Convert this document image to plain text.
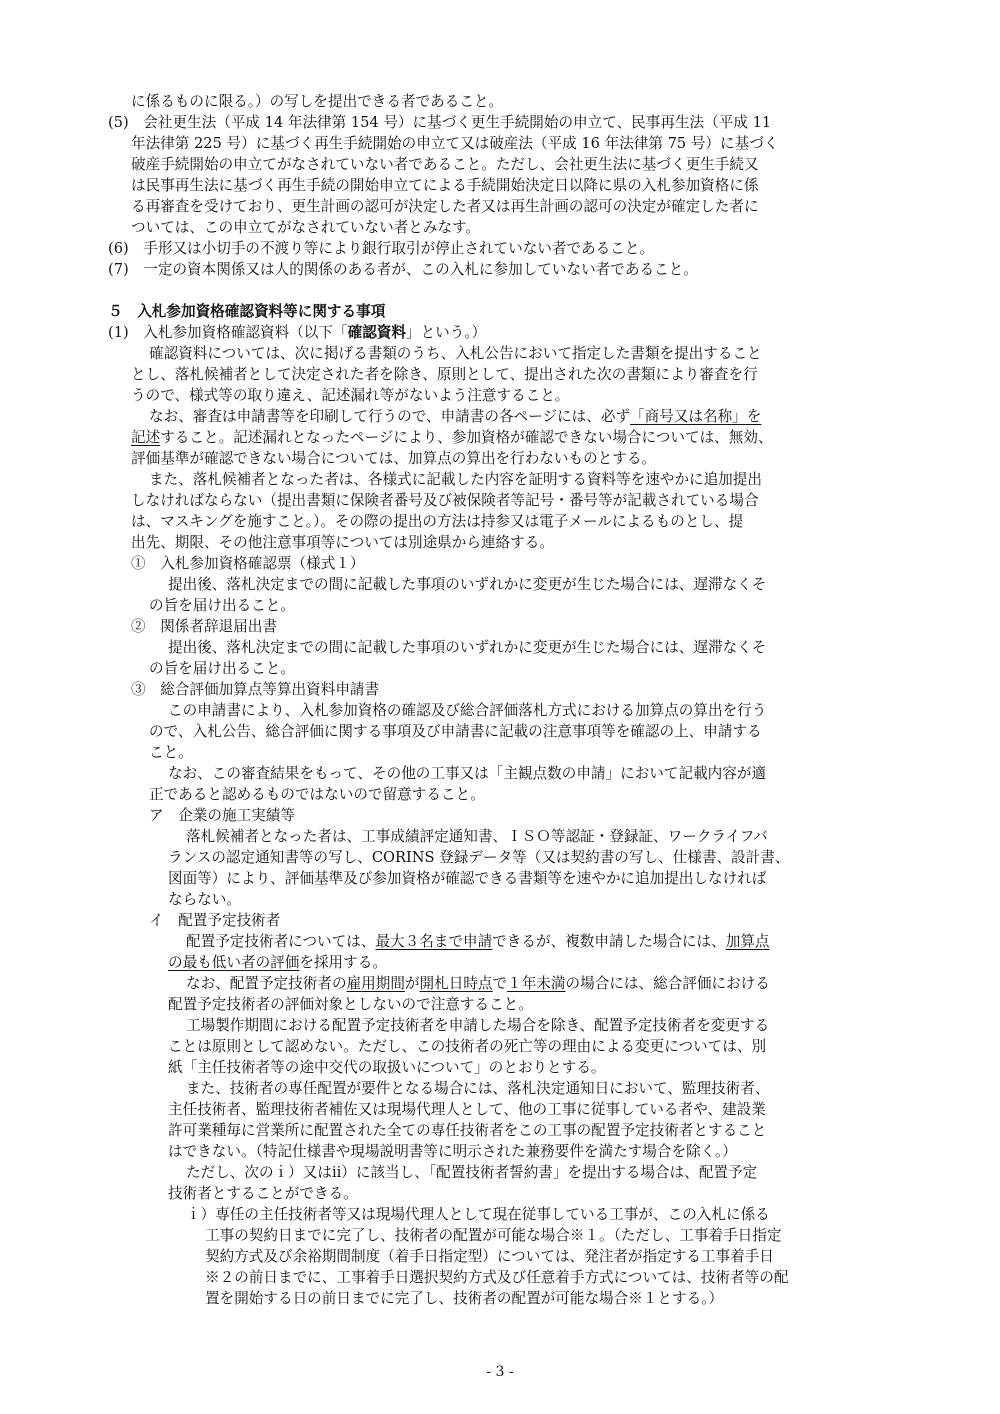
に係るものに限る。）の写しを提出できる者であること。
(5)　会社更生法（平成 14 年法律第 154 号）に基づく更生手続開始の申立て、民事再生法（平成 11
年法律第 225 号）に基づく再生手続開始の申立て又は破産法（平成 16 年法律第 75 号）に基づく
破産手続開始の申立てがなされていない者であること。ただし、会社更生法に基づく更生手続又
は民事再生法に基づく再生手続の開始申立てによる手続開始決定日以降に県の入札参加資格に係
る再審査を受けており、更生計画の認可が決定した者又は再生計画の認可の決定が確定した者に
ついては、この申立てがなされていない者とみなす。
(6)　手形又は小切手の不渡り等により銀行取引が停止されていない者であること。
(7)　一定の資本関係又は人的関係のある者が、この入札に参加していない者であること。
５　入札参加資格確認資料等に関する事項
(1)　入札参加資格確認資料（以下「確認資料」という。）
確認資料については、次に掲げる書類のうち、入札公告において指定した書類を提出すること
とし、落札候補者として決定された者を除き、原則として、提出された次の書類により審査を行
うので、様式等の取り違え、記述漏れ等がないよう注意すること。
なお、審査は申請書等を印刷して行うので、申請書の各ページには、必ず「商号又は名称」を
記述すること。記述漏れとなったページにより、参加資格が確認できない場合については、無効、
評価基準が確認できない場合については、加算点の算出を行わないものとする。
また、落札候補者となった者は、各様式に記載した内容を証明する資料等を速やかに追加提出
しなければならない（提出書類に保険者番号及び被保険者等記号・番号等が記載されている場合
は、マスキングを施すこと。）。その際の提出の方法は持参又は電子メールによるものとし、提
出先、期限、その他注意事項等については別途県から連絡する。
①　入札参加資格確認票（様式１）
提出後、落札決定までの間に記載した事項のいずれかに変更が生じた場合には、遅滞なくそ
の旨を届け出ること。
②　関係者辞退届出書
提出後、落札決定までの間に記載した事項のいずれかに変更が生じた場合には、遅滞なくそ
の旨を届け出ること。
③　総合評価加算点等算出資料申請書
この申請書により、入札参加資格の確認及び総合評価落札方式における加算点の算出を行う
ので、入札公告、総合評価に関する事項及び申請書に記載の注意事項等を確認の上、申請する
こと。
なお、この審査結果をもって、その他の工事又は「主観点数の申請」において記載内容が適
正であると認めるものではないので留意すること。
ア　企業の施工実績等
落札候補者となった者は、工事成績評定通知書、ＩＳＯ等認証・登録証、ワークライフバ
ランスの認定通知書等の写し、CORINS 登録データ等（又は契約書の写し、仕様書、設計書、
図面等）により、評価基準及び参加資格が確認できる書類等を速やかに追加提出しなければ
ならない。
イ　配置予定技術者
配置予定技術者については、最大３名まで申請できるが、複数申請した場合には、加算点
の最も低い者の評価を採用する。
なお、配置予定技術者の雇用期間が開札日時点で１年未満の場合には、総合評価における
配置予定技術者の評価対象としないので注意すること。
工場製作期間における配置予定技術者を申請した場合を除き、配置予定技術者を変更する
ことは原則として認めない。ただし、この技術者の死亡等の理由による変更については、別
紙「主任技術者等の途中交代の取扱いについて」のとおりとする。
また、技術者の専任配置が要件となる場合には、落札決定通知日において、監理技術者、
主任技術者、監理技術者補佐又は現場代理人として、他の工事に従事している者や、建設業
許可業種毎に営業所に配置された全ての専任技術者をこの工事の配置予定技術者とすること
はできない。（特記仕様書や現場説明書等に明示された兼務要件を満たす場合を除く。）
ただし、次のｉ）又はⅱ）に該当し、「配置技術者誓約書」を提出する場合は、配置予定
技術者とすることができる。
ｉ）専任の主任技術者等又は現場代理人として現在従事している工事が、この入札に係る
工事の契約日までに完了し、技術者の配置が可能な場合※１。（ただし、工事着手日指定
契約方式及び余裕期間制度（着手日指定型）については、発注者が指定する工事着手日
※２の前日までに、工事着手日選択契約方式及び任意着手方式については、技術者等の配
置を開始する日の前日までに完了し、技術者の配置が可能な場合※１とする。）
- 3 -
